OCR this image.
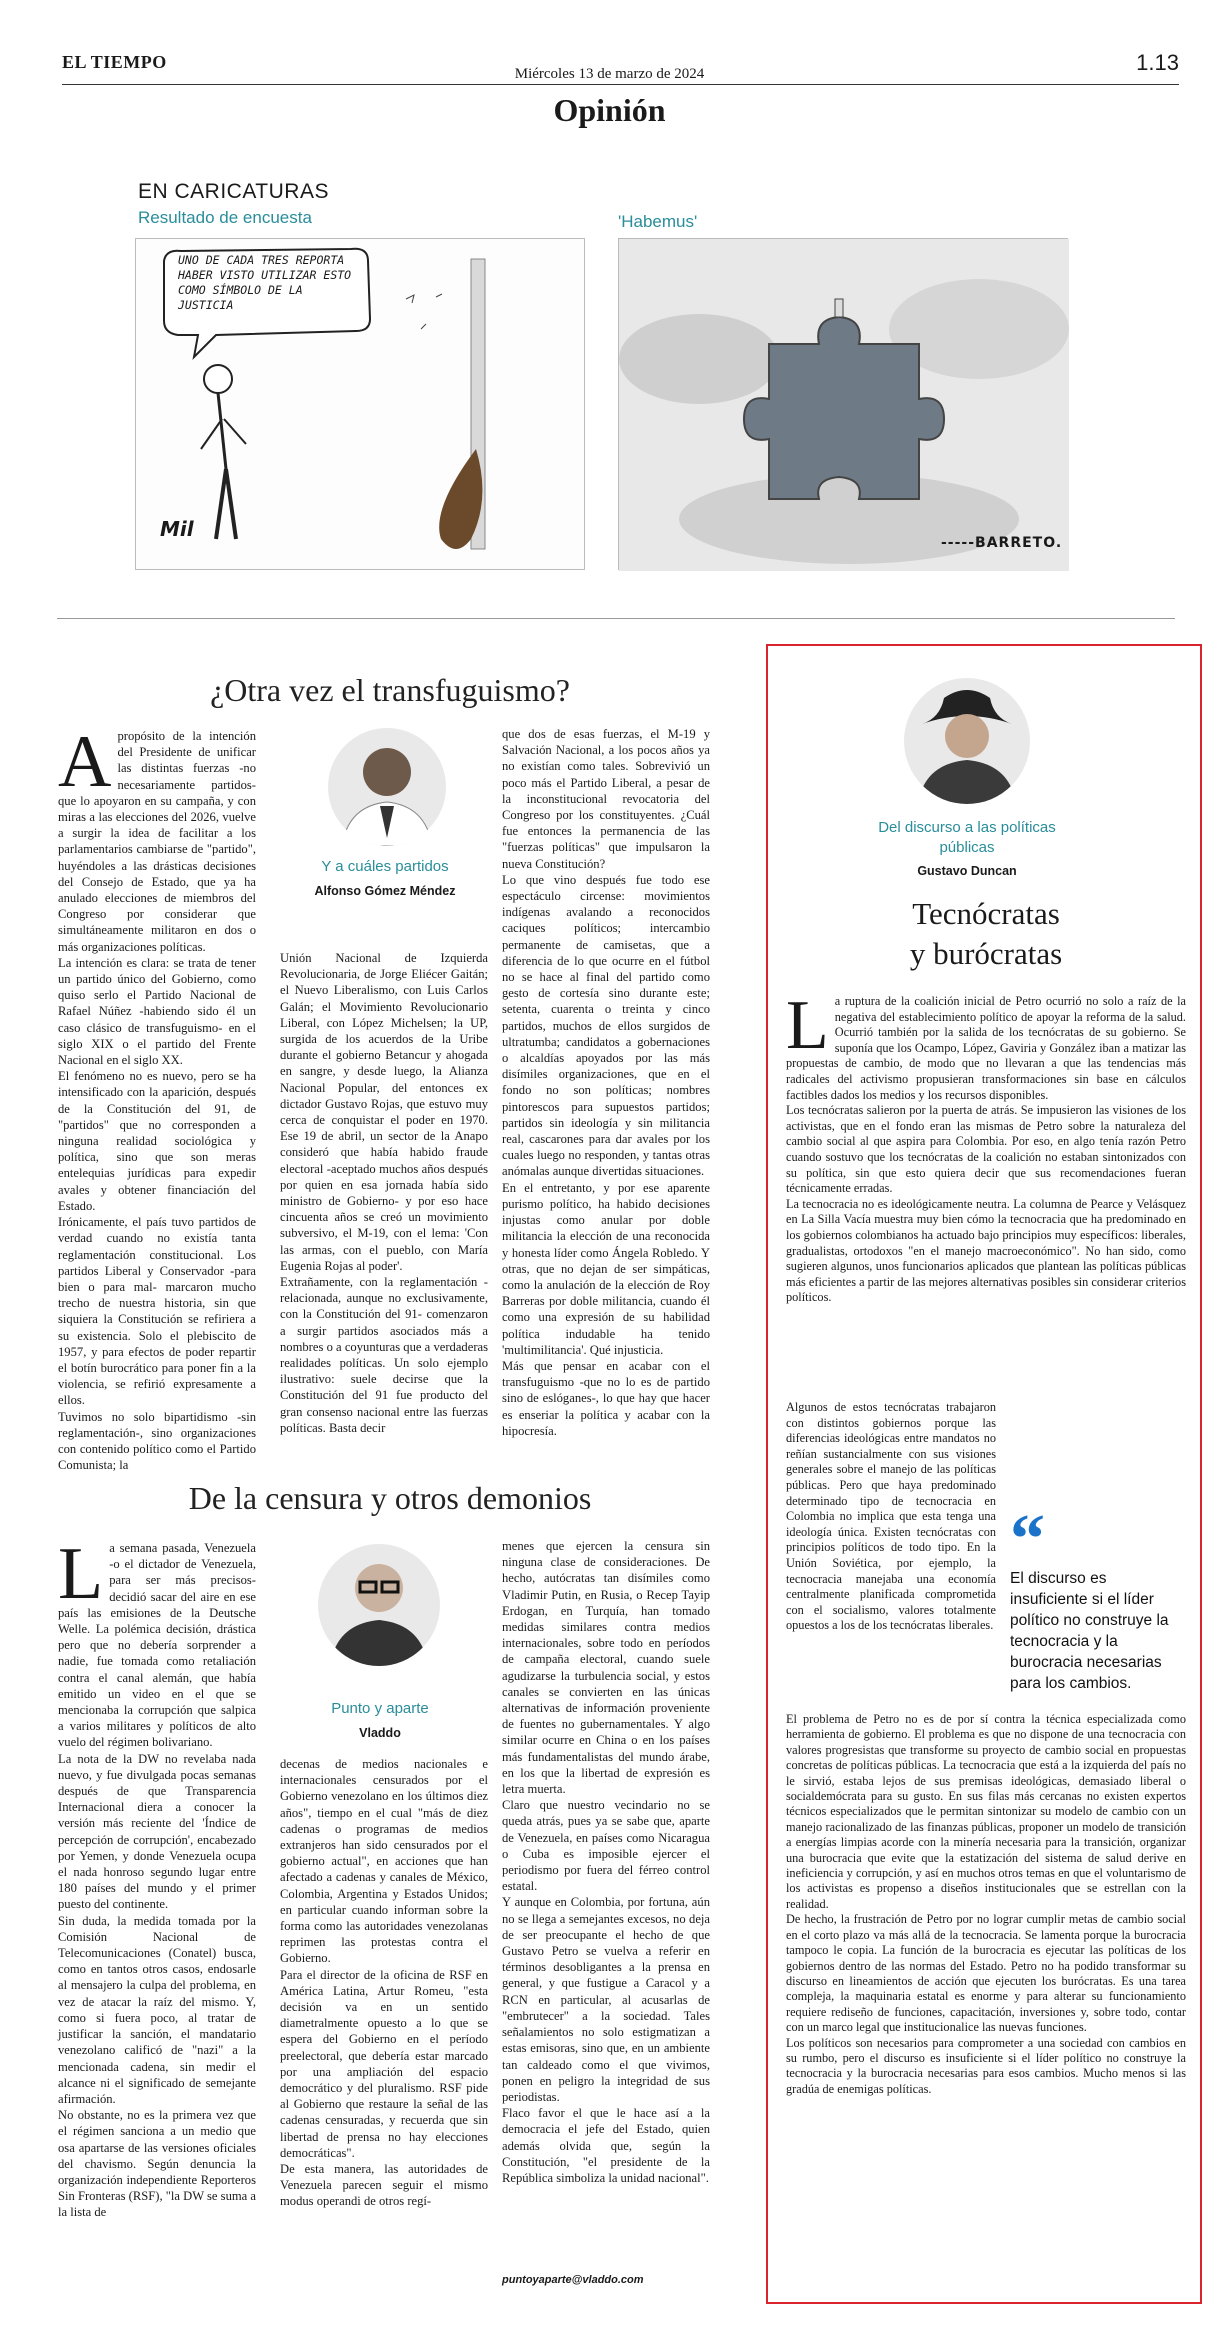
EL TIEMPO
Miércoles 13 de marzo de 2024	1.13
Opinión
EN CARICATURAS
Resultado de encuesta	'Habemus'
UNO DE CADA TRES REPORTA HABER VISTO UTILIZAR ESTO COMO SÍMBOLO DE LA JUSTICIA
Mil
-----BARRETO.
¿Otra vez el transfuguismo?
A propósito de la intención del Presidente de unificar las distintas fuerzas -no necesariamente partidos- que lo apoyaron en su campaña, y con miras a las elecciones del 2026, vuelve a surgir la idea de facilitar a los parlamentarios cambiarse de "partido", huyéndoles a las drásticas decisiones del Consejo de Estado, que ya ha anulado elecciones de miembros del Congreso por considerar que simultáneamente militaron en dos o más organizaciones políticas.

La intención es clara: se trata de tener un partido único del Gobierno, como quiso serlo el Partido Nacional de Rafael Núñez -habiendo sido él un caso clásico de transfuguismo- en el siglo XIX o el partido del Frente Nacional en el siglo XX.

El fenómeno no es nuevo, pero se ha intensificado con la aparición, después de la Constitución del 91, de "partidos" que no corresponden a ninguna realidad sociológica y política, sino que son meras entelequias jurídicas para expedir avales y obtener financiación del Estado.

Irónicamente, el país tuvo partidos de verdad cuando no existía tanta reglamentación constitucional. Los partidos Liberal y Conservador -para bien o para mal- marcaron mucho trecho de nuestra historia, sin que siquiera la Constitución se refiriera a su existencia. Solo el plebiscito de 1957, y para efectos de poder repartir el botín burocrático para poner fin a la violencia, se refirió expresamente a ellos.

Tuvimos no solo bipartidismo -sin reglamentación-, sino organizaciones con contenido político como el Partido Comunista; la

Y a cuáles partidos
Alfonso Gómez Méndez

Unión Nacional de Izquierda Revolucionaria, de Jorge Eliécer Gaitán; el Nuevo Liberalismo, con Luis Carlos Galán; el Movimiento Revolucionario Liberal, con López Michelsen; la UP, surgida de los acuerdos de la Uribe durante el gobierno Betancur y ahogada en sangre, y desde luego, la Alianza Nacional Popular, del entonces ex dictador Gustavo Rojas, que estuvo muy cerca de conquistar el poder en 1970. Ese 19 de abril, un sector de la Anapo consideró que había habido fraude electoral -aceptado muchos años después por quien en esa jornada había sido ministro de Gobierno- y por eso hace cincuenta años se creó un movimiento subversivo, el M-19, con el lema: 'Con las armas, con el pueblo, con María Eugenia Rojas al poder'.

Extrañamente, con la reglamentación -relacionada, aunque no exclusivamente, con la Constitución del 91- comenzaron a surgir partidos asociados más a nombres o a coyunturas que a verdaderas realidades políticas. Un solo ejemplo ilustrativo: suele decirse que la Constitución del 91 fue producto del gran consenso nacional entre las fuerzas políticas. Basta decir

que dos de esas fuerzas, el M-19 y Salvación Nacional, a los pocos años ya no existían como tales. Sobrevivió un poco más el Partido Liberal, a pesar de la inconstitucional revocatoria del Congreso por los constituyentes. ¿Cuál fue entonces la permanencia de las "fuerzas políticas" que impulsaron la nueva Constitución?

Lo que vino después fue todo ese espectáculo circense: movimientos indígenas avalando a reconocidos caciques políticos; intercambio permanente de camisetas, que a diferencia de lo que ocurre en el fútbol no se hace al final del partido como gesto de cortesía sino durante este; setenta, cuarenta o treinta y cinco partidos, muchos de ellos surgidos de ultratumba; candidatos a gobernaciones o alcaldías apoyados por las más disímiles organizaciones, que en el fondo no son políticas; nombres pintorescos para supuestos partidos; partidos sin ideología y sin militancia real, cascarones para dar avales por los cuales luego no responden, y tantas otras anómalas aunque divertidas situaciones.

En el entretanto, y por ese aparente purismo político, ha habido decisiones injustas como anular por doble militancia la elección de una reconocida y honesta líder como Ángela Robledo. Y otras, que no dejan de ser simpáticas, como la anulación de la elección de Roy Barreras por doble militancia, cuando él como una expresión de su habilidad política indudable ha tenido 'multimilitancia'. Qué injusticia.

Más que pensar en acabar con el transfuguismo -que no lo es de partido sino de eslóganes-, lo que hay que hacer es enseriar la política y acabar con la hipocresía.

De la censura y otros demonios
L a semana pasada, Venezuela -o el dictador de Venezuela, para ser más precisos- decidió sacar del aire en ese país las emisiones de la Deutsche Welle. La polémica decisión, drástica pero que no debería sorprender a nadie, fue tomada como retaliación contra el canal alemán, que había emitido un video en el que se mencionaba la corrupción que salpica a varios militares y políticos de alto vuelo del régimen bolivariano.

La nota de la DW no revelaba nada nuevo, y fue divulgada pocas semanas después de que Transparencia Internacional diera a conocer la versión más reciente del 'Índice de percepción de corrupción', encabezado por Yemen, y donde Venezuela ocupa el nada honroso segundo lugar entre 180 países del mundo y el primer puesto del continente.

Sin duda, la medida tomada por la Comisión Nacional de Telecomunicaciones (Conatel) busca, como en tantos otros casos, endosarle al mensajero la culpa del problema, en vez de atacar la raíz del mismo. Y, como si fuera poco, al tratar de justificar la sanción, el mandatario venezolano calificó de "nazi" a la mencionada cadena, sin medir el alcance ni el significado de semejante afirmación.

No obstante, no es la primera vez que el régimen sanciona a un medio que osa apartarse de las versiones oficiales del chavismo. Según denuncia la organización independiente Reporteros Sin Fronteras (RSF), "la DW se suma a la lista de

Punto y aparte
Vladdo

decenas de medios nacionales e internacionales censurados por el Gobierno venezolano en los últimos diez años", tiempo en el cual "más de diez cadenas o programas de medios extranjeros han sido censurados por el gobierno actual", en acciones que han afectado a cadenas y canales de México, Colombia, Argentina y Estados Unidos; en particular cuando informan sobre la forma como las autoridades venezolanas reprimen las protestas contra el Gobierno.

Para el director de la oficina de RSF en América Latina, Artur Romeu, "esta decisión va en un sentido diametralmente opuesto a lo que se espera del Gobierno en el período preelectoral, que debería estar marcado por una ampliación del espacio democrático y del pluralismo. RSF pide al Gobierno que restaure la señal de las cadenas censuradas, y recuerda que sin libertad de prensa no hay elecciones democráticas".

De esta manera, las autoridades de Venezuela parecen seguir el mismo modus operandi de otros regí-

menes que ejercen la censura sin ninguna clase de consideraciones. De hecho, autócratas tan disímiles como Vladimir Putin, en Rusia, o Recep Tayip Erdogan, en Turquía, han tomado medidas similares contra medios internacionales, sobre todo en períodos de campaña electoral, cuando suele agudizarse la turbulencia social, y estos canales se convierten en las únicas alternativas de información proveniente de fuentes no gubernamentales. Y algo similar ocurre en China o en los países más fundamentalistas del mundo árabe, en los que la libertad de expresión es letra muerta.

Claro que nuestro vecindario no se queda atrás, pues ya se sabe que, aparte de Venezuela, en países como Nicaragua o Cuba es imposible ejercer el periodismo por fuera del férreo control estatal.

Y aunque en Colombia, por fortuna, aún no se llega a semejantes excesos, no deja de ser preocupante el hecho de que Gustavo Petro se vuelva a referir en términos desobligantes a la prensa en general, y que fustigue a Caracol y a RCN en particular, al acusarlas de "embrutecer" a la sociedad. Tales señalamientos no solo estigmatizan a estas emisoras, sino que, en un ambiente tan caldeado como el que vivimos, ponen en peligro la integridad de sus periodistas.

Flaco favor el que le hace así a la democracia el jefe del Estado, quien además olvida que, según la Constitución, "el presidente de la República simboliza la unidad nacional".

puntoyaparte@vladdo.com
Del discurso a las políticas públicas
Gustavo Duncan
Tecnócratas
y burócratas
L a ruptura de la coalición inicial de Petro ocurrió no solo a raíz de la negativa del establecimiento político de apoyar la reforma de la salud. Ocurrió también por la salida de los tecnócratas de su gobierno. Se suponía que los Ocampo, López, Gaviria y González iban a matizar las propuestas de cambio, de modo que no llevaran a que las tendencias más radicales del activismo propusieran transformaciones sin base en cálculos factibles dados los medios y los recursos disponibles.

Los tecnócratas salieron por la puerta de atrás. Se impusieron las visiones de los activistas, que en el fondo eran las mismas de Petro sobre la naturaleza del cambio social al que aspira para Colombia. Por eso, en algo tenía razón Petro cuando sostuvo que los tecnócratas de la coalición no estaban sintonizados con su política, sin que esto quiera decir que sus recomendaciones fueran técnicamente erradas.

La tecnocracia no es ideológicamente neutra. La columna de Pearce y Velásquez en La Silla Vacía muestra muy bien cómo la tecnocracia que ha predominado en los gobiernos colombianos ha actuado bajo principios muy específicos: liberales, gradualistas, ortodoxos "en el manejo macroeconómico". No han sido, como sugieren algunos, unos funcionarios aplicados que plantean las políticas públicas más eficientes a partir de las mejores alternativas posibles sin considerar criterios políticos.

Algunos de estos tecnócratas trabajaron con distintos gobiernos porque las diferencias ideológicas entre mandatos no reñían sustancialmente con sus visiones generales sobre el manejo de las políticas públicas. Pero que haya predominado determinado tipo de tecnocracia en Colombia no implica que esta tenga una ideología única. Existen tecnócratas con principios políticos de todo tipo. En la Unión Soviética, por ejemplo, la tecnocracia manejaba una economía centralmente planificada comprometida con el socialismo, valores totalmente opuestos a los de los tecnócratas liberales.

“
El discurso es insuficiente si el líder político no construye la tecnocracia y la burocracia necesarias para los cambios.

El problema de Petro no es de por sí contra la técnica especializada como herramienta de gobierno. El problema es que no dispone de una tecnocracia con valores progresistas que transforme su proyecto de cambio social en propuestas concretas de políticas públicas. La tecnocracia que está a la izquierda del país no le sirvió, estaba lejos de sus premisas ideológicas, demasiado liberal o socialdemócrata para su gusto. En sus filas más cercanas no existen expertos técnicos especializados que le permitan sintonizar su modelo de cambio con un manejo racionalizado de las finanzas públicas, proponer un modelo de transición a energías limpias acorde con la minería necesaria para la transición, organizar una burocracia que evite que la estatización del sistema de salud derive en ineficiencia y corrupción, y así en muchos otros temas en que el voluntarismo de los activistas es propenso a diseños institucionales que se estrellan con la realidad.

De hecho, la frustración de Petro por no lograr cumplir metas de cambio social en el corto plazo va más allá de la tecnocracia. Se lamenta porque la burocracia tampoco le copia. La función de la burocracia es ejecutar las políticas de los gobiernos dentro de las normas del Estado. Petro no ha podido transformar su discurso en lineamientos de acción que ejecuten los burócratas. Es una tarea compleja, la maquinaria estatal es enorme y para alterar su funcionamiento requiere rediseño de funciones, capacitación, inversiones y, sobre todo, contar con un marco legal que institucionalice las nuevas funciones.

Los políticos son necesarios para comprometer a una sociedad con cambios en su rumbo, pero el discurso es insuficiente si el líder político no construye la tecnocracia y la burocracia necesarias para esos cambios. Mucho menos si las gradúa de enemigas políticas.
